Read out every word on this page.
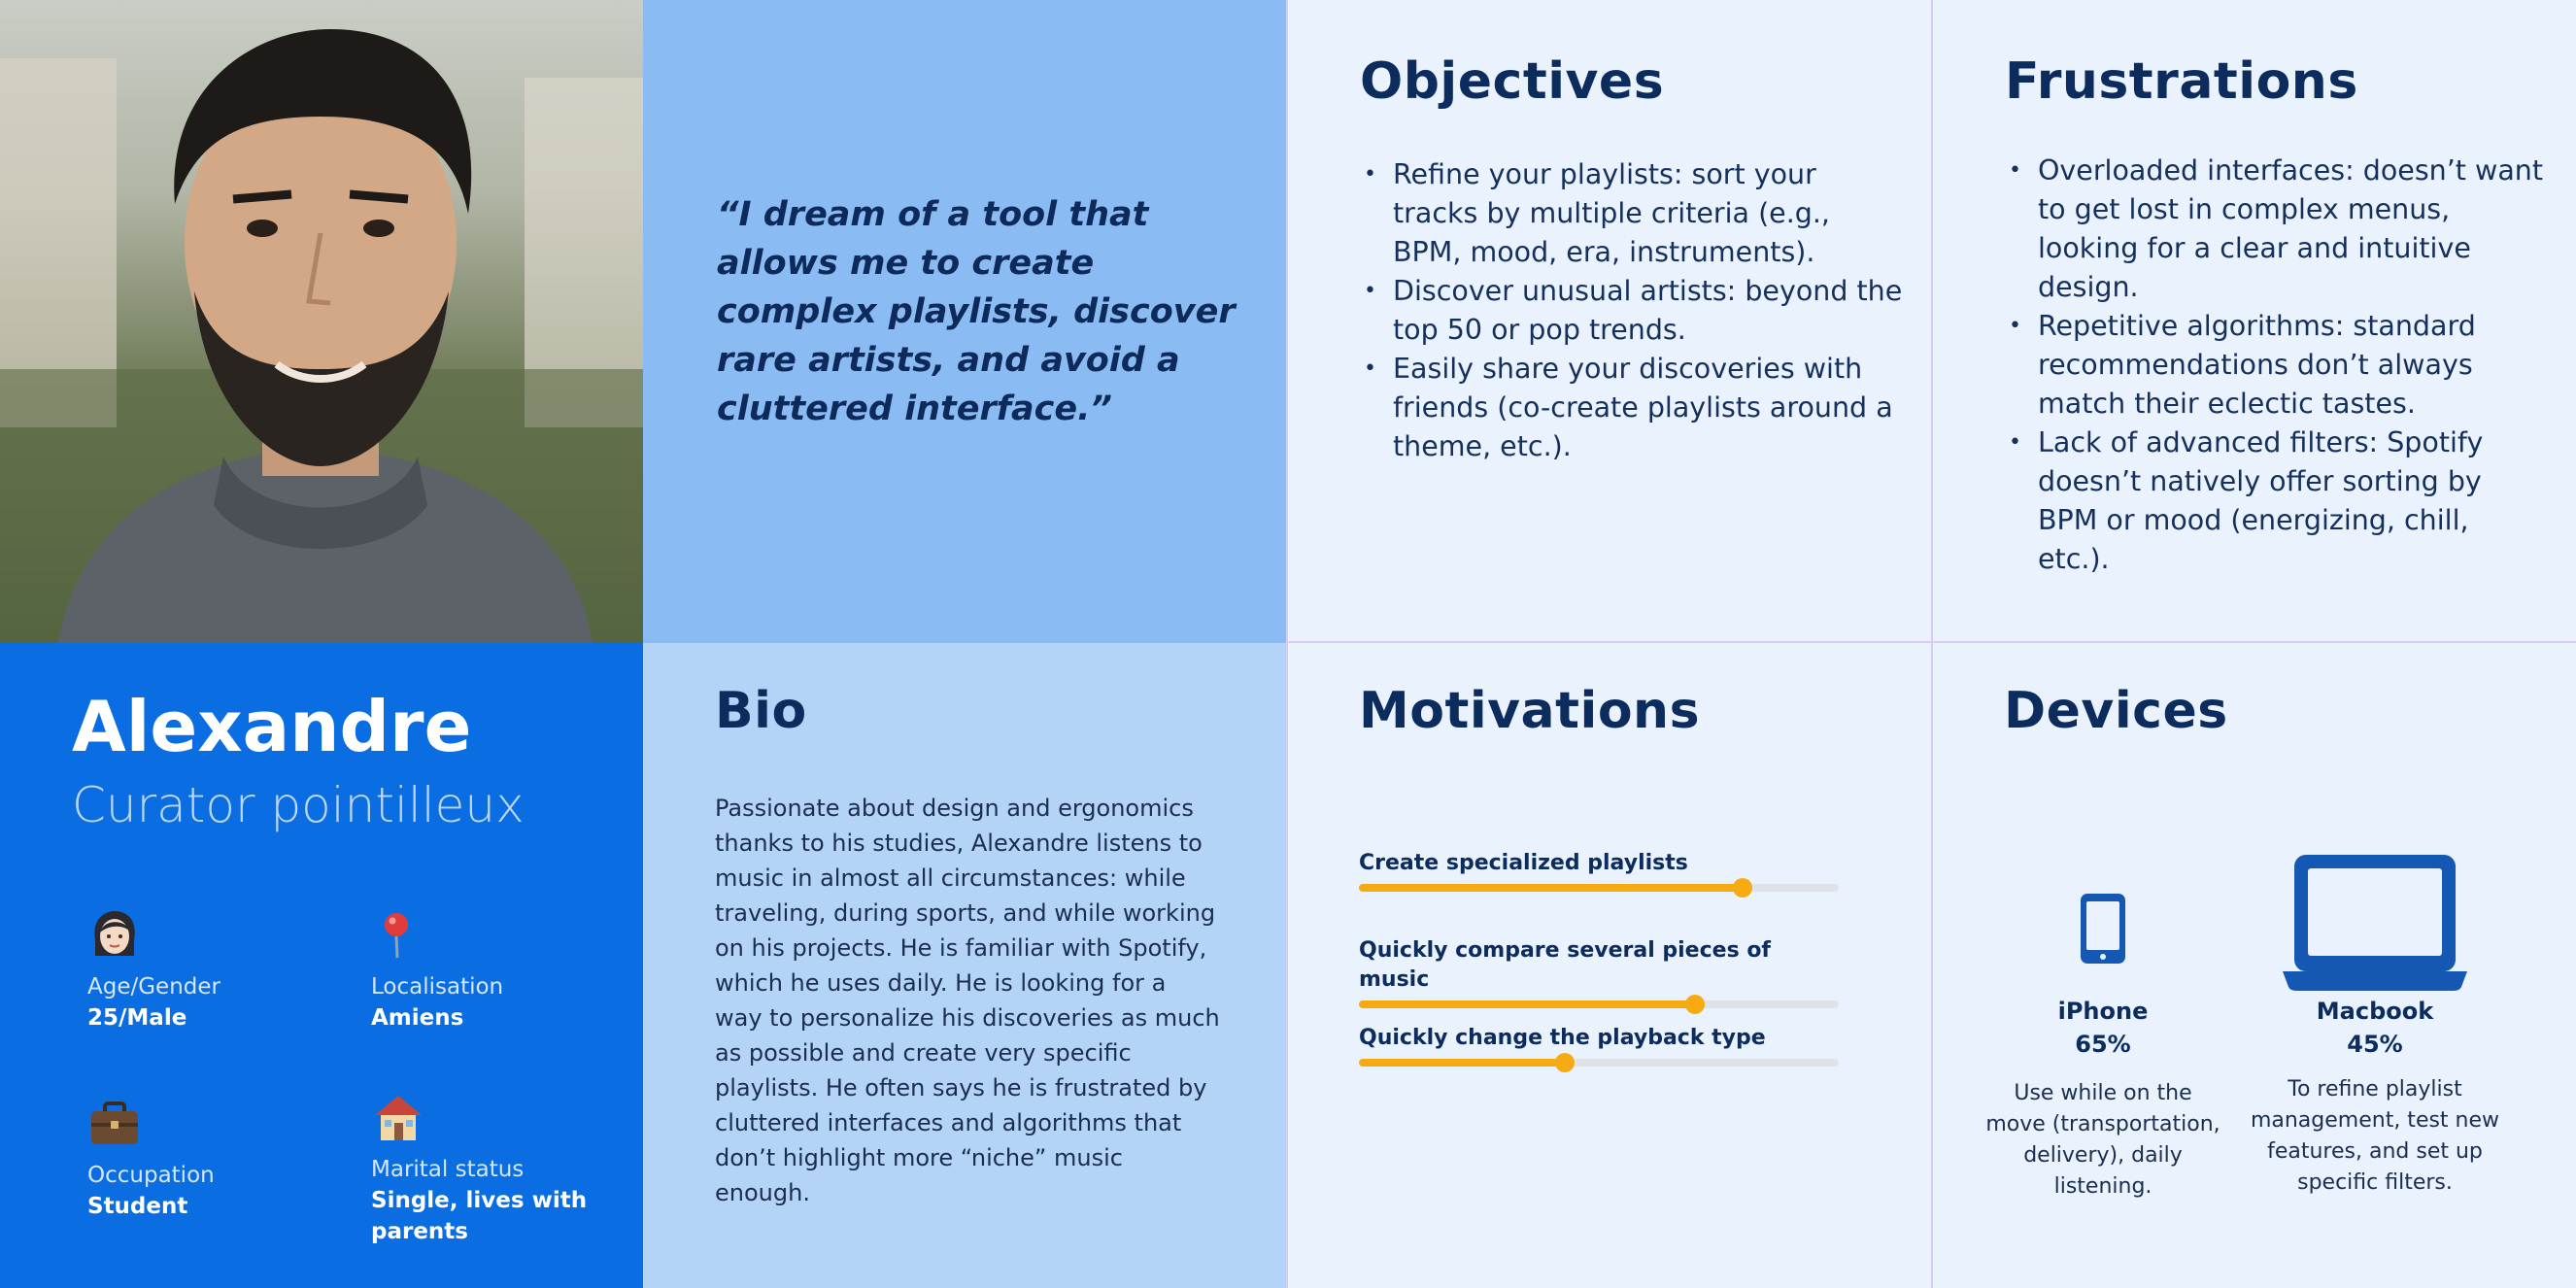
“I dream of a tool that allows me to create complex playlists, discover rare artists, and avoid a cluttered interface.”

Objectives
• Refine your playlists: sort your tracks by multiple criteria (e.g., BPM, mood, era, instruments).
• Discover unusual artists: beyond the top 50 or pop trends.
• Easily share your discoveries with friends (co-create playlists around a theme, etc.).
Frustrations
• Overloaded interfaces: doesn’t want to get lost in complex menus, looking for a clear and intuitive design.
• Repetitive algorithms: standard recommendations don’t always match their eclectic tastes.
• Lack of advanced filters: Spotify doesn’t natively offer sorting by BPM or mood (energizing, chill, etc.).
Alexandre
Curator pointilleux
Age/Gender
25/Male
Localisation
Amiens
Occupation
Student
Marital status
Single, lives with parents
Bio
Passionate about design and ergonomics thanks to his studies, Alexandre listens to music in almost all circumstances: while traveling, during sports, and while working on his projects. He is familiar with Spotify, which he uses daily. He is looking for a way to personalize his discoveries as much as possible and create very specific playlists. He often says he is frustrated by cluttered interfaces and algorithms that don’t highlight more “niche” music enough.
Motivations
Create specialized playlists
Quickly compare several pieces of music
Quickly change the playback type
Devices
iPhone
65%
Use while on the move (transportation, delivery), daily listening.
Macbook
45%
To refine playlist management, test new features, and set up specific filters.
